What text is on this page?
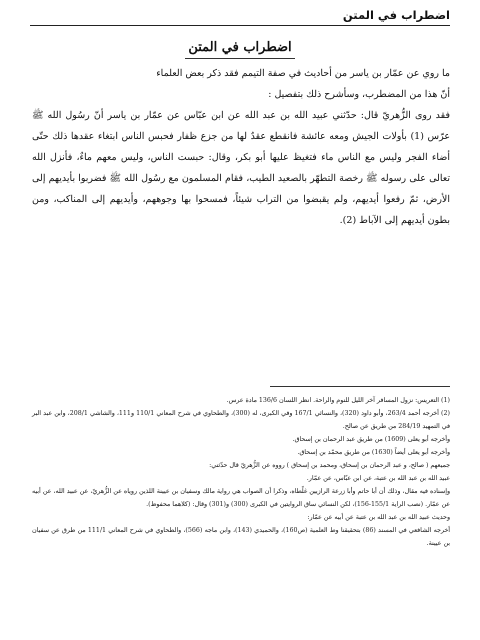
اضطراب في المتن
اضطراب في المتن

ما روي عن عمّار بن ياسر من أحاديث في صفة التيمم فقد ذكر بعض العلماء

أنّ هذا من المضطرب، وسأشرح ذلك بتفصيل :

فقد روى الزُّهريّ قال: حدّثني عبيد الله بن عبد الله عن ابن عبّاس عن عمّار بن ياسر أنّ رسُول الله ﷺ عرّس (1) بأولات الجيش ومعه عائشة فانقطع عقدٌ لها من جزع ظفار فحبس الناس ابتغاء عقدها ذلك حتّى أضاء الفجر وليس مع الناس ماء فتغيظ عليها أبو بكر، وقال: حبست الناس، وليس معهم ماءٌ، فأنزل الله تعالى على رسوله ﷺ رخصة التطهّر بالصعيد الطيب، فقام المسلمون مع رسُول الله ﷺ فضربوا بأيديهم إلى الأرض، ثمّ رفعوا أيديهم، ولم يقبضوا من التراب شيئاً، فمسحوا بها وجوههم، وأيديهم إلى المناكب، ومن بطون أيديهم إلى الآباط (2).

(1) التعريس: نزول المسافر آخر الليل للنوم والراحة. انظر اللسان 136/6 مادة عرس.

(2) أخرجه أحمد 263/4، وأبو داود (320)، والنسائي 167/1 وفي الكبرى، له (300)، والطحاوي في شرح المعاني 110/1 و111، والشاشي 208/1، وابن عبد البر في التمهيد 284/19 من طريق عن صالح.

وأخرجه أبو يعلى (1609) من طريق عبد الرحمان بن إسحاق.

وأخرجه أبو يعلى أيضاً (1630) من طريق محمّد بن إسحاق.

جميعهم ( صالح، و عبد الرحمان بن إسحاق، ومحمد بن إسحاق ) رووه عن الزُّهريّ قال حدّثني:

عبيد الله بن عبد الله بن عتبة، عن ابن عبّاس، عن عمّار.

وإسناده فيه مقال، وذلك أن أبا حاتم وأبا زرعة الرازيين غلّطاه، وذكرا أن الصواب هي رواية مالك وسفيان بن عيينة اللذين روياه عن الزُّهريّ، عن عبيد الله، عن أبيه عن عمّار. (نصب الراية 155/1-156)، لكن النسائي ساق الروايتين في الكبرى (300) و(301) وقال: (كلاهما محفوظ).

وحديث عبيد الله بن عبد الله بن عتبة عن أبيه عن عمّار:

أخرجه الشافعي في المسند (86) بتحقيقنا وط العلمية (ص160)، والحميدي (143)، وابن ماجه (566)، والطحاوي في شرح المعاني 111/1 من طرق عن سفيان بن عيينة.
